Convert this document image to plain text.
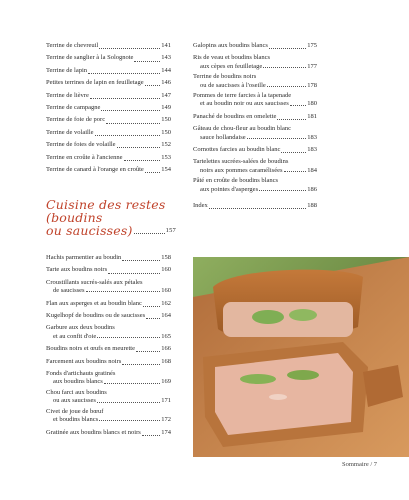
Terrine de chevreuil	141
Terrine de sanglier à la Solognote	143
Terrine de lapin	144
Petites terrines de lapin en feuilletage	146
Terrine de lièvre	147
Terrine de campagne	149
Terrine de foie de porc	150
Terrine de volaille	150
Terrine de foies de volaille	152
Terrine en croûte à l'ancienne	153
Terrine de canard à l'orange en croûte	154
Cuisine des restes
(boudins
ou saucisses)	157
Hachis parmentier au boudin	158
Tarte aux boudins noirs	160
Croustillants sucrés-salés aux pétales
de saucisses	160
Flan aux asperges et au boudin blanc	162
Kugelhopf de boudins ou de saucisses 164
Garbure aux deux boudins
et au confit d'oie	165
Boudins noirs et œufs en meurette	166
Farcement aux boudins noirs	168
Fonds d'artichauts gratinés
aux boudins blancs	169
Chou farci aux boudins
ou aux saucisses	171
Civet de joue de bœuf
et boudins blancs	172
Gratinée aux boudins blancs et noirs	174
Galopins aux boudins blancs	175
Ris de veau et boudins blancs
aux cèpes en feuilletage	177
Terrine de boudins noirs
ou de saucisses à l'oseille	178
Pommes de terre farcies à la tapenade
et au boudin noir ou aux saucisses	180
Panaché de boudins en omelette	181
Gâteau de chou-fleur au boudin blanc
sauce hollandaise	183
Cornottes farcies au boudin blanc	183
Tartelettes sucrées-salées de boudins
noirs aux pommes caramélisées	184
Pâté en croûte de boudins blancs
aux pointes d'asperges	186
Index	188
Sommaire / 7
